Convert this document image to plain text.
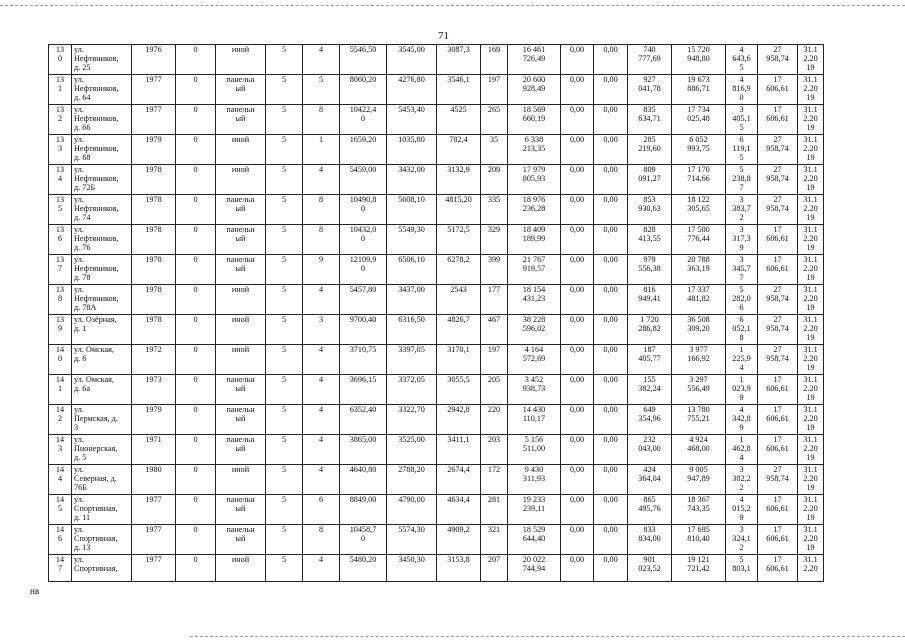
71
13
0	ул.
Нефтяников,
д. 25	1976	0	иной	5	4	5546,50	3545,00	3087,3	169	16 461
726,49	0,00	0,00	740
777,69	15 720
948,80	4
643,6
5	27
958,74	31.1
2.20
19
13
1	ул.
Нефтяников,
д. 64	1977	0	панельн
ый	5	5	8060,20	4276,80	3546,1	197	20 600
928,49	0,00	0,00	927
041,78	19 673
886,71	4
816,9
0	17
606,61	31.1
2.20
19
13
2	ул.
Нефтяников,
д. 66	1977	0	панельн
ый	5	8	10422,4
0	5453,40	4525	265	18 569
660,19	0,00	0,00	835
634,71	17 734
025,48	3
405,1
5	17
606,61	31.1
2.20
19
13
3	ул.
Нефтяников,
д. 68	1979	0	иной	5	1	1659,20	1035,80	782,4	35	6 338
213,35	0,00	0,00	285
219,60	6 052
993,75	6
119,1
5	27
958,74	31.1
2.20
19
13
4	ул.
Нефтяников,
д. 72Б	1978	0	иной	5	4	5459,00	3432,00	3132,9	209	17 979
805,93	0,00	0,00	809
091,27	17 170
714,66	5
238,8
7	27
958,74	31.1
2.20
19
13
5	ул.
Нефтяников,
д. 74	1978	0	панельн
ый	5	8	10490,8
0	5608,10	4815,20	335	18 976
236,28	0,00	0,00	853
930,63	18 122
305,65	3
383,7
2	27
958,74	31.1
2.20
19
13
6	ул.
Нефтяников,
д. 76	1978	0	панельн
ый	5	8	10432,0
0	5549,30	5172,5	329	18 409
189,99	0,00	0,00	828
413,55	17 580
776,44	3
317,3
9	17
606,61	31.1
2.20
19
13
7	ул.
Нефтяников,
д. 78	1978	0	панельн
ый	5	9	12109,9
0	6506,10	6278,2	399	21 767
919,57	0,00	0,00	979
556,38	20 788
363,19	3
345,7
7	17
606,61	31.1
2.20
19
13
8	ул.
Нефтяников,
д. 78А	1978	0	иной	5	4	5457,80	3437,00	2543	177	18 154
431,23	0,00	0,00	816
949,41	17 337
481,82	5
282,0
6	27
958,74	31.1
2.20
19
13
9	ул. Озёрная,
д. 1	1978	0	иной	5	3	9700,40	6316,50	4826,7	467	38 228
596,02	0,00	0,00	1 720
286,82	36 508
309,20	6
052,1
8	27
958,74	31.1
2.20
19
14
0	ул. Омская,
д. 6	1972	0	иной	5	4	3710,75	3397,05	3170,1	197	4 164
572,69	0,00	0,00	187
405,77	3 977
166,92	1
225,9
4	27
958,74	31.1
2.20
19
14
1	ул. Омская,
д. 6а	1973	0	панельн
ый	5	4	3696,15	3372,05	3055,5	205	3 452
938,73	0,00	0,00	155
382,24	3 297
556,49	1
023,9
9	17
606,61	31.1
2.20
19
14
2	ул.
Пермская, д.
3	1979	0	панельн
ый	5	4	6352,40	3322,70	2942,8	220	14 430
110,17	0,00	0,00	649
354,96	13 780
755,21	4
342,8
9	17
606,61	31.1
2.20
19
14
3	ул.
Пионерская,
д. 5	1971	0	панельн
ый	5	4	3865,00	3525,00	3411,1	203	5 156
511,00	0,00	0,00	232
043,00	4 924
468,00	1
462,8
4	17
606,61	31.1
2.20
19
14
4	ул.
Северная, д.
76Б	1980	0	иной	5	4	4640,80	2788,20	2674,4	172	9 430
311,93	0,00	0,00	424
364,04	9 005
947,89	3
382,2
2	27
958,74	31.1
2.20
19
14
5	ул.
Спортивная,
д. 11	1977	0	панельн
ый	5	6	8849,00	4790,00	4634,4	281	19 233
239,11	0,00	0,00	865
495,76	18 367
743,35	4
015,2
9	17
606,61	31.1
2.20
19
14
6	ул.
Спортивная,
д. 13	1977	0	панельн
ый	5	8	10458,7
0	5574,30	4909,2	321	18 529
644,40	0,00	0,00	833
834,00	17 695
810,40	3
324,1
2	17
606,61	31.1
2.20
19
14
7	ул.
Спортивная,	1977	0	иной	5	4	5480,20	3450,30	3153,8	207	20 022
744,94	0,00	0,00	901
023,52	19 121
721,42	5
803,1	17
606,61	31.1
2.20
нв
